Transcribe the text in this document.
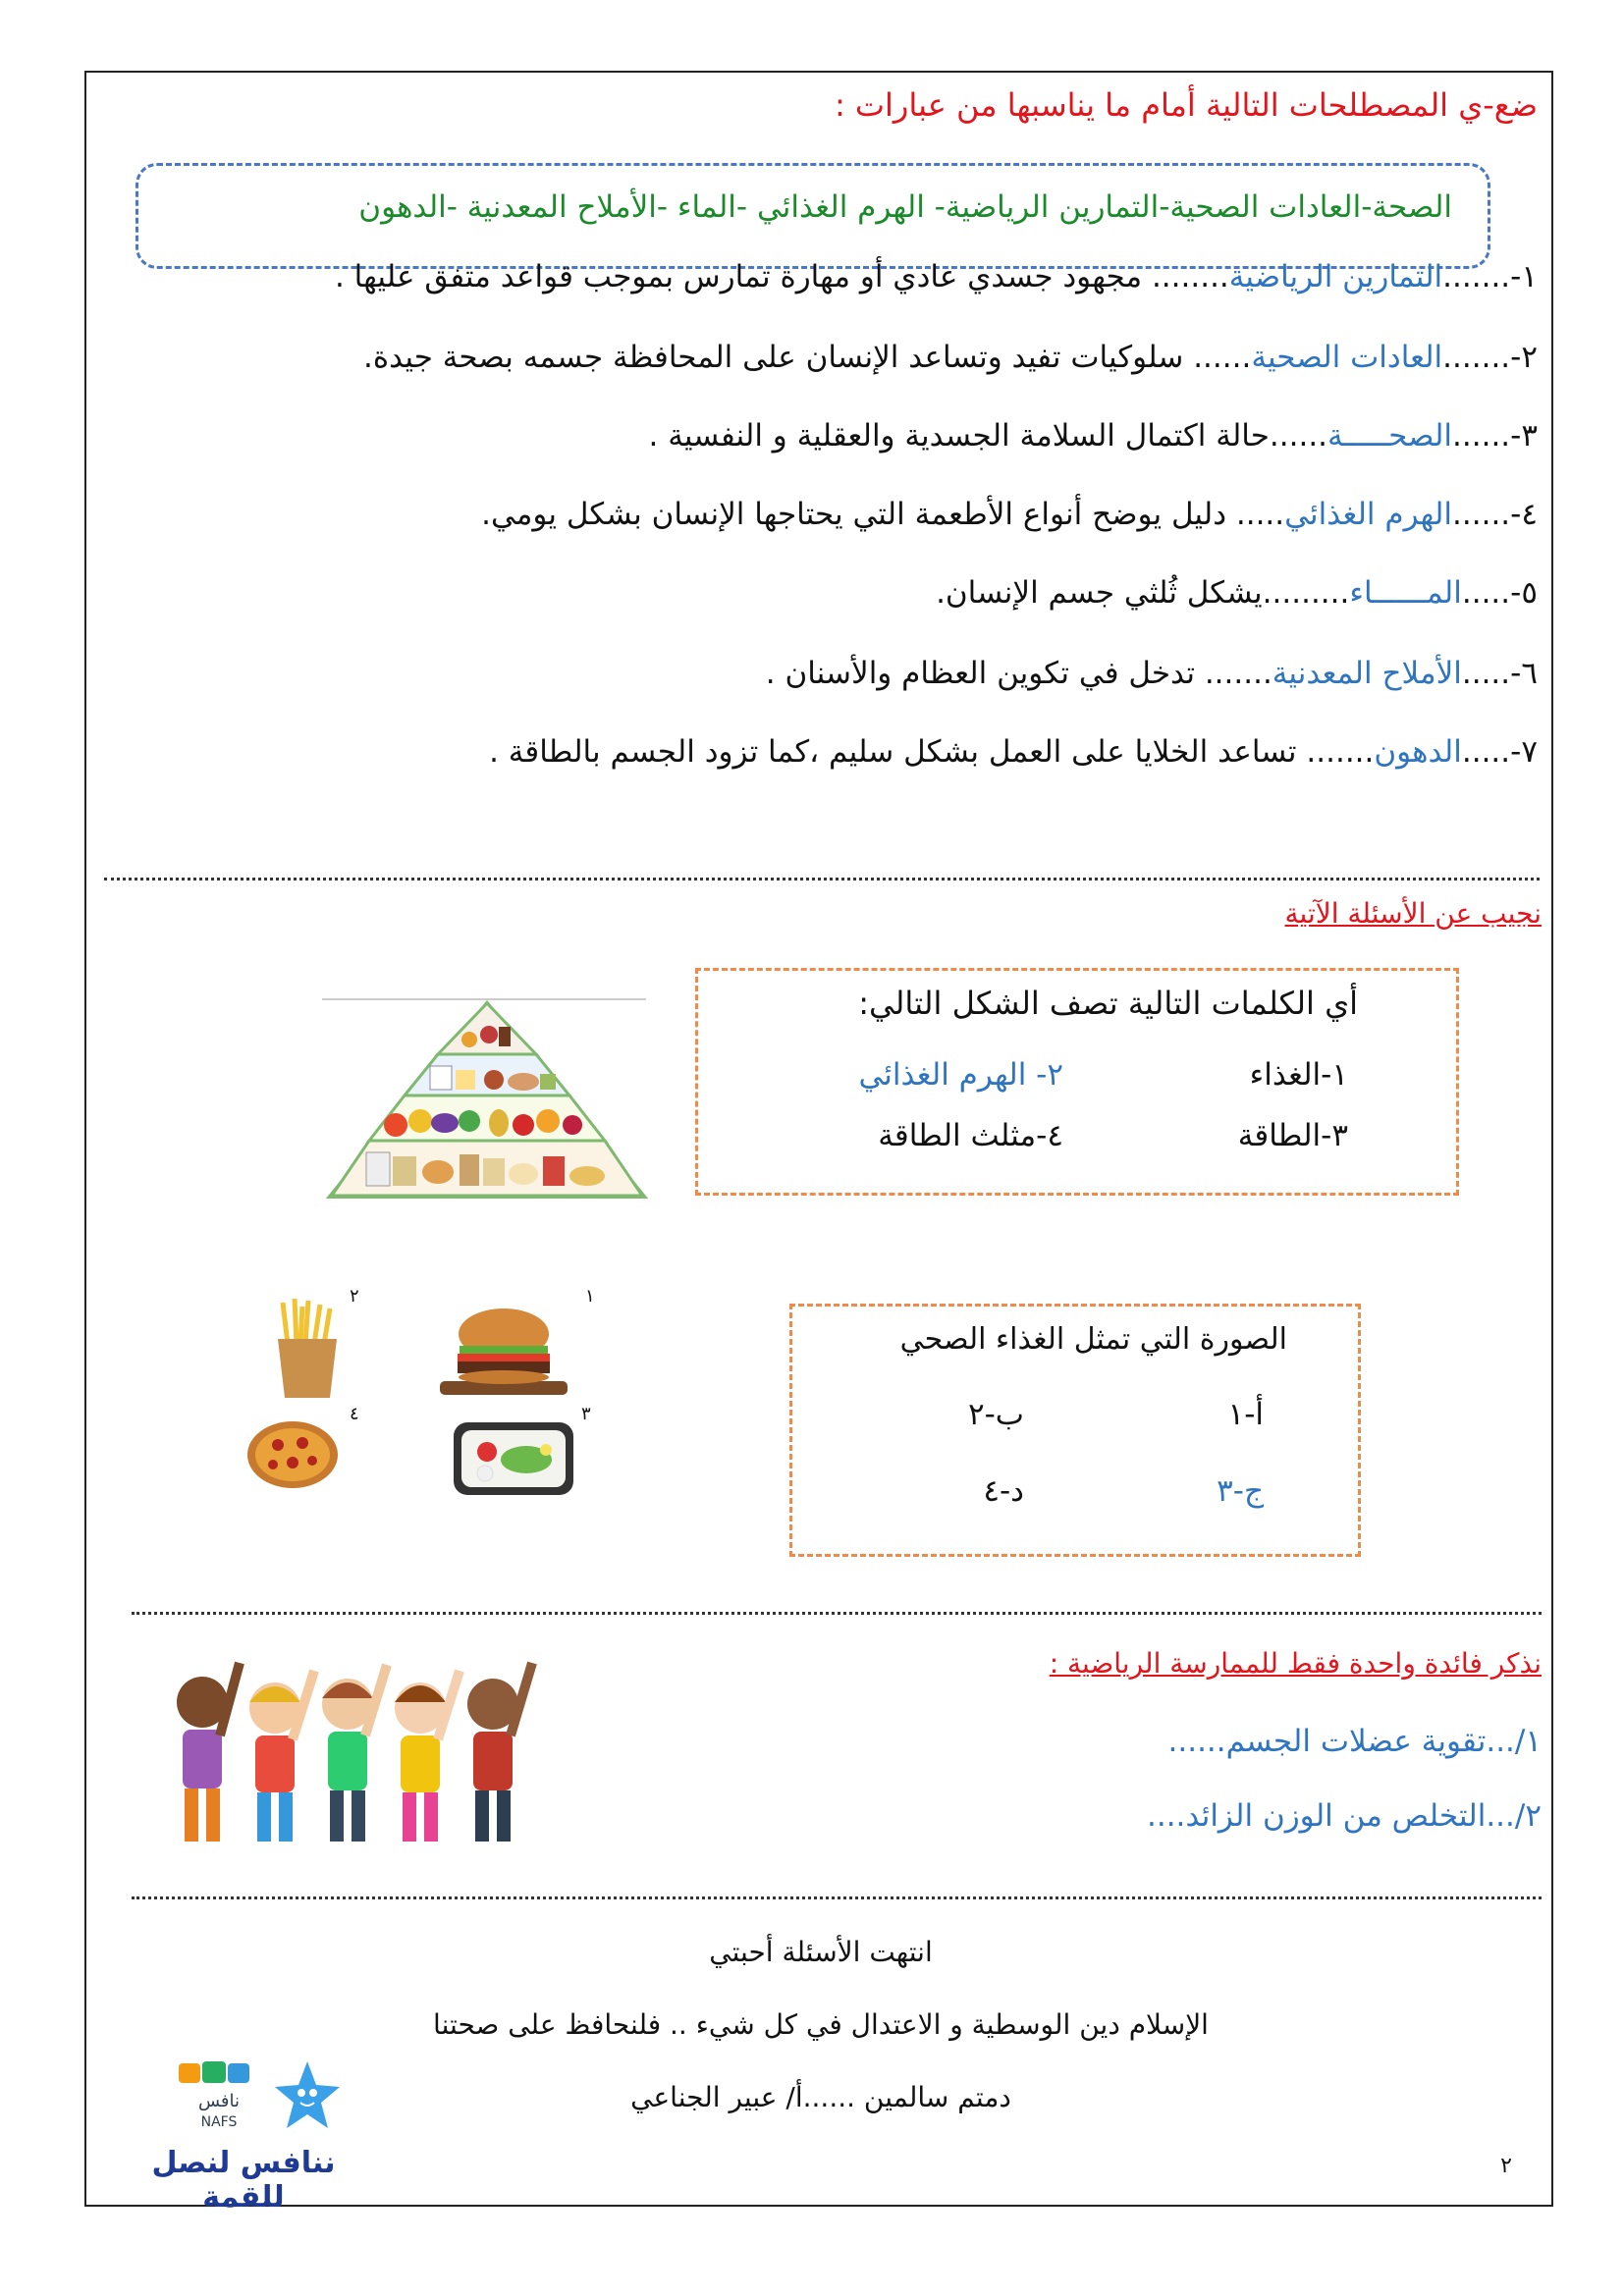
ضع-ي المصطلحات التالية أمام ما يناسبها من عبارات :
الصحة-العادات الصحية-التمارين الرياضية- الهرم الغذائي -الماء -الأملاح المعدنية -الدهون
١-.......التمارين الرياضية........ مجهود جسدي عادي أو مهارة تمارس بموجب قواعد متفق عليها .
٢-.......العادات الصحية...... سلوكيات تفيد وتساعد الإنسان على المحافظة جسمه بصحة جيدة.
٣-......الصحـــــة......حالة اكتمال السلامة الجسدية والعقلية و النفسية .
٤-......الهرم الغذائي..... دليل يوضح أنواع الأطعمة التي يحتاجها الإنسان بشكل يومي.
٥-.....المــــــاء.........يشكل ثُلثي جسم الإنسان.
٦-.....الأملاح المعدنية....... تدخل في تكوين العظام والأسنان .
٧-.....الدهون....... تساعد الخلايا على العمل بشكل سليم ،كما تزود الجسم بالطاقة .
نجيب عن الأسئلة الآتية
أي الكلمات التالية تصف الشكل التالي:
١-الغذاء
٢- الهرم الغذائي
٣-الطاقة
٤-مثلث الطاقة
١
٢
٣
٤
الصورة التي تمثل الغذاء الصحي
أ-١
ب-٢
ج-٣
د-٤
نذكر فائدة واحدة فقط للممارسة الرياضية :
١/...تقوية عضلات الجسم......
٢/...التخلص من الوزن الزائد....
انتهت الأسئلة أحبتي
الإسلام دين الوسطية و الاعتدال في كل شيء .. فلنحافظ على صحتنا
دمتم سالمين ......أ/ عبير الجناعي
نافس
NAFS
ننافس لنصل للقمة
٢
